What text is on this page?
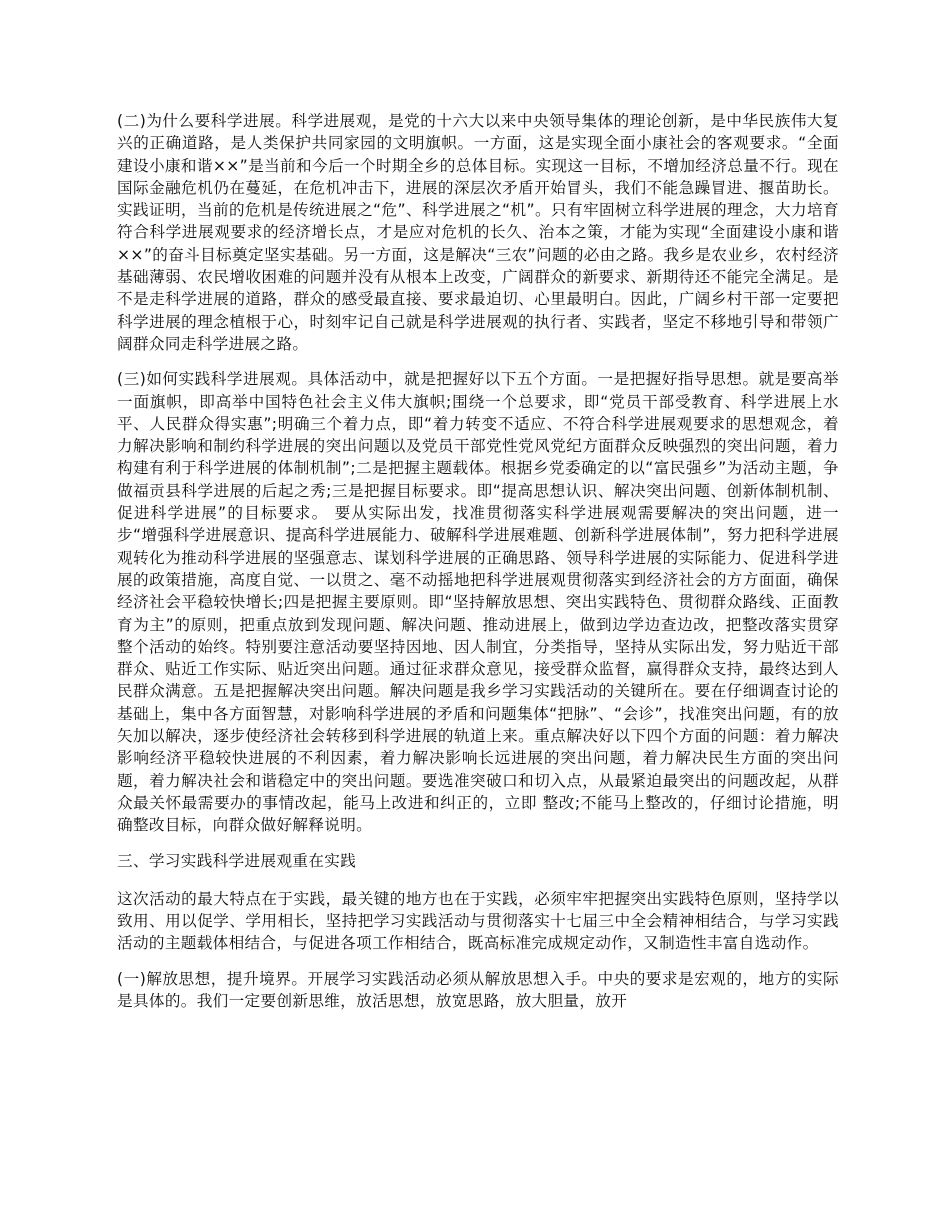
(二)为什么要科学进展。科学进展观，是党的十六大以来中央领导集体的理论创新，是中华民族伟大复兴的正确道路，是人类保护共同家园的文明旗帜。一方面，这是实现全面小康社会的客观要求。“全面建设小康和谐××”是当前和今后一个时期全乡的总体目标。实现这一目标，不增加经济总量不行。现在国际金融危机仍在蔓延，在危机冲击下，进展的深层次矛盾开始冒头，我们不能急躁冒进、揠苗助长。实践证明，当前的危机是传统进展之“危”、科学进展之“机”。只有牢固树立科学进展的理念，大力培育符合科学进展观要求的经济增长点，才是应对危机的长久、治本之策，才能为实现“全面建设小康和谐××”的奋斗目标奠定坚实基础。另一方面，这是解决“三农”问题的必由之路。我乡是农业乡，农村经济基础薄弱、农民增收困难的问题并没有从根本上改变，广阔群众的新要求、新期待还不能完全满足。是不是走科学进展的道路，群众的感受最直接、要求最迫切、心里最明白。因此，广阔乡村干部一定要把科学进展的理念植根于心，时刻牢记自己就是科学进展观的执行者、实践者，坚定不移地引导和带领广阔群众同走科学进展之路。

(三)如何实践科学进展观。具体活动中，就是把握好以下五个方面。一是把握好指导思想。就是要高举一面旗帜，即高举中国特色社会主义伟大旗帜;围绕一个总要求，即“党员干部受教育、科学进展上水平、人民群众得实惠”;明确三个着力点，即“着力转变不适应、不符合科学进展观要求的思想观念，着力解决影响和制约科学进展的突出问题以及党员干部党性党风党纪方面群众反映强烈的突出问题，着力构建有利于科学进展的体制机制”;二是把握主题载体。根据乡党委确定的以“富民强乡”为活动主题，争做福贡县科学进展的后起之秀;三是把握目标要求。即“提高思想认识、解决突出问题、创新体制机制、促进科学进展”的目标要求。 要从实际出发，找准贯彻落实科学进展观需要解决的突出问题，进一步“增强科学进展意识、提高科学进展能力、破解科学进展难题、创新科学进展体制”，努力把科学进展观转化为推动科学进展的坚强意志、谋划科学进展的正确思路、领导科学进展的实际能力、促进科学进展的政策措施，高度自觉、一以贯之、毫不动摇地把科学进展观贯彻落实到经济社会的方方面面，确保经济社会平稳较快增长;四是把握主要原则。即“坚持解放思想、突出实践特色、贯彻群众路线、正面教育为主”的原则，把重点放到发现问题、解决问题、推动进展上，做到边学边查边改，把整改落实贯穿整个活动的始终。特别要注意活动要坚持因地、因人制宜，分类指导，坚持从实际出发，努力贴近干部群众、贴近工作实际、贴近突出问题。通过征求群众意见，接受群众监督，赢得群众支持，最终达到人民群众满意。五是把握解决突出问题。解决问题是我乡学习实践活动的关键所在。要在仔细调查讨论的基础上，集中各方面智慧，对影响科学进展的矛盾和问题集体“把脉”、“会诊”，找准突出问题，有的放矢加以解决，逐步使经济社会转移到科学进展的轨道上来。重点解决好以下四个方面的问题：着力解决影响经济平稳较快进展的不利因素，着力解决影响长远进展的突出问题，着力解决民生方面的突出问题，着力解决社会和谐稳定中的突出问题。要选准突破口和切入点，从最紧迫最突出的问题改起，从群众最关怀最需要办的事情改起，能马上改进和纠正的，立即 整改;不能马上整改的，仔细讨论措施，明确整改目标，向群众做好解释说明。

三、学习实践科学进展观重在实践

这次活动的最大特点在于实践，最关键的地方也在于实践，必须牢牢把握突出实践特色原则，坚持学以致用、用以促学、学用相长，坚持把学习实践活动与贯彻落实十七届三中全会精神相结合，与学习实践活动的主题载体相结合，与促进各项工作相结合，既高标准完成规定动作，又制造性丰富自选动作。

(一)解放思想，提升境界。开展学习实践活动必须从解放思想入手。中央的要求是宏观的，地方的实际是具体的。我们一定要创新思维，放活思想，放宽思路，放大胆量，放开
